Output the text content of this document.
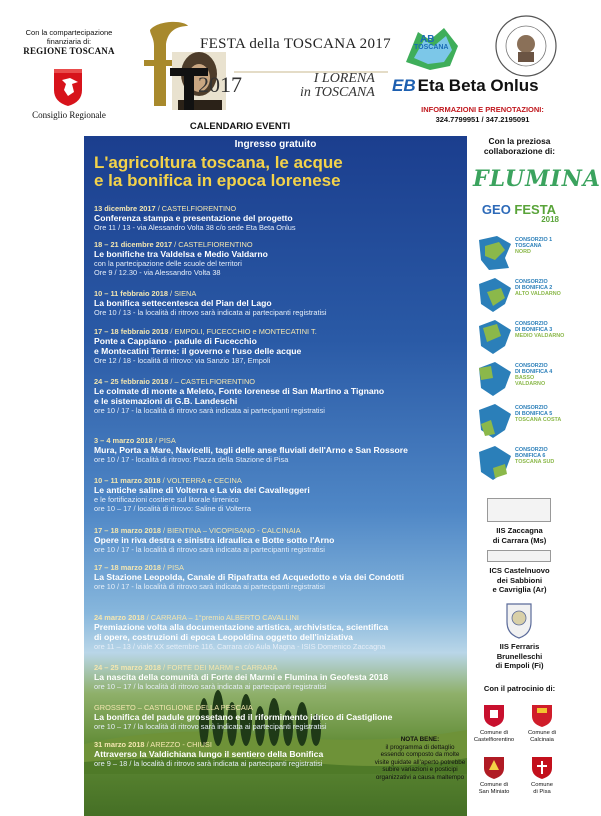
Con la compartecipazione
finanziaria di:
REGIONE TOSCANA
Consiglio Regionale
FESTA della TOSCANA 2017
2017	I LORENA
in TOSCANA
CALENDARIO EVENTI
AB
TOSCANA
EB Eta Beta Onlus
INFORMAZIONI E PRENOTAZIONI:
324.7799951 / 347.2195091
Ingresso gratuito
L'agricoltura toscana, le acque
e la bonifica in epoca lorenese
13 dicembre 2017 / CASTELFIORENTINO
Conferenza stampa e presentazione del progetto
Ore 11 / 13 - via Alessandro Volta 38 c/o sede Eta Beta Onlus
18 – 21 dicembre 2017 / CASTELFIORENTINO
Le bonifiche tra Valdelsa e Medio Valdarno
con la partecipazione delle scuole del territori
Ore 9 / 12.30 - via Alessandro Volta 38
10 – 11 febbraio 2018 / SIENA
La bonifica settecentesca del Pian del Lago
Ore 10 / 13 - la località di ritrovo sarà indicata ai partecipanti registratisi
17 – 18 febbraio 2018 / EMPOLI, FUCECCHIO e MONTECATINI T.
Ponte a Cappiano - padule di Fucecchio
e Montecatini Terme: il governo e l'uso delle acque
Ore 12 / 18 - località di ritrovo: via Sanzio 187, Empoli
24 – 25 febbraio 2018 / – CASTELFIORENTINO
Le colmate di monte a Meleto, Fonte lorenese di San Martino a Tignano
e le sistemazioni di G.B. Landeschi
ore 10 / 17 - la località di ritrovo sarà indicata ai partecipanti registratisi
3 – 4 marzo 2018 / PISA
Mura, Porta a Mare, Navicelli, tagli delle anse fluviali dell'Arno e San Rossore
ore 10 / 17 - località di ritrovo: Piazza della Stazione di Pisa
10 – 11 marzo 2018 / VOLTERRA e CECINA
Le antiche saline di Volterra e La via dei Cavalleggeri
e le fortificazioni costiere sul litorale tirrenico
ore 10 – 17 / località di ritrovo: Saline di Volterra
17 – 18 marzo 2018 / BIENTINA – VICOPISANO - CALCINAIA
Opere in riva destra e sinistra idraulica e Botte sotto l'Arno
ore 10 / 17 - la località di ritrovo sarà indicata ai partecipanti registratisi
17 – 18 marzo 2018 / PISA
La Stazione Leopolda, Canale di Ripafratta ed Acquedotto e via dei Condotti
ore 10 / 17 - la località di ritrovo sarà indicata ai partecipanti registratisi
24 marzo 2018 / CARRARA – 1°premio ALBERTO CAVALLINI
Premiazione volta alla documentazione artistica, archivistica, scientifica
di opere, costruzioni di epoca Leopoldina oggetto dell'iniziativa
ore 11 – 13 / viale XX settembre 116, Carrara c/o Aula Magna - ISIS Domenico Zaccagna
24 – 25 marzo 2018 / FORTE DEI MARMI e CARRARA
La nascita della comunità di Forte dei Marmi e Flumina in Geofesta 2018
ore 10 – 17 / la località di ritrovo sarà indicata ai partecipanti registratisi
GROSSETO – CASTIGLIONE DELLA PESCAIA
La bonifica del padule grossetano ed il riformimento idrico di Castiglione
ore 10 – 17 / la località di ritrovo sarà indicata ai partecipanti registratisi
31 marzo 2018 / AREZZO - CHIUSI
Attraverso la Valdichiana lungo il sentiero della Bonifica
ore 9 – 18 / la località di ritrovo sarà indicata ai partecipanti registratisi
NOTA BENE:
il programma di dettaglio essendo composto da molte visite guidate all'aperto potrebbe subire variazioni e posticipi organizzativi a causa maltempo
Con la preziosa
collaborazione di:
FLUMINA
GEO FESTA
2018
CONSORZIO 1
TOSCANA
NORD
CONSORZIO
DI BONIFICA 2
ALTO VALDARNO
CONSORZIO
DI BONIFICA 3
MEDIO VALDARNO
CONSORZIO
DI BONIFICA 4
BASSO VALDARNO
CONSORZIO
DI BONIFICA 5
TOSCANA COSTA
CONSORZIO
BONIFICA 6
TOSCANA SUD
IIS Zaccagna
di Carrara (Ms)
ICS Castelnuovo
dei Sabbioni
e Cavriglia (Ar)
IIS Ferraris
Brunelleschi
di Empoli (Fi)
Con il patrocinio di:
Comune di
Castelfiorentino
Comune di
Calcinaia
Comune di
San Miniato
Comune
di Pisa
